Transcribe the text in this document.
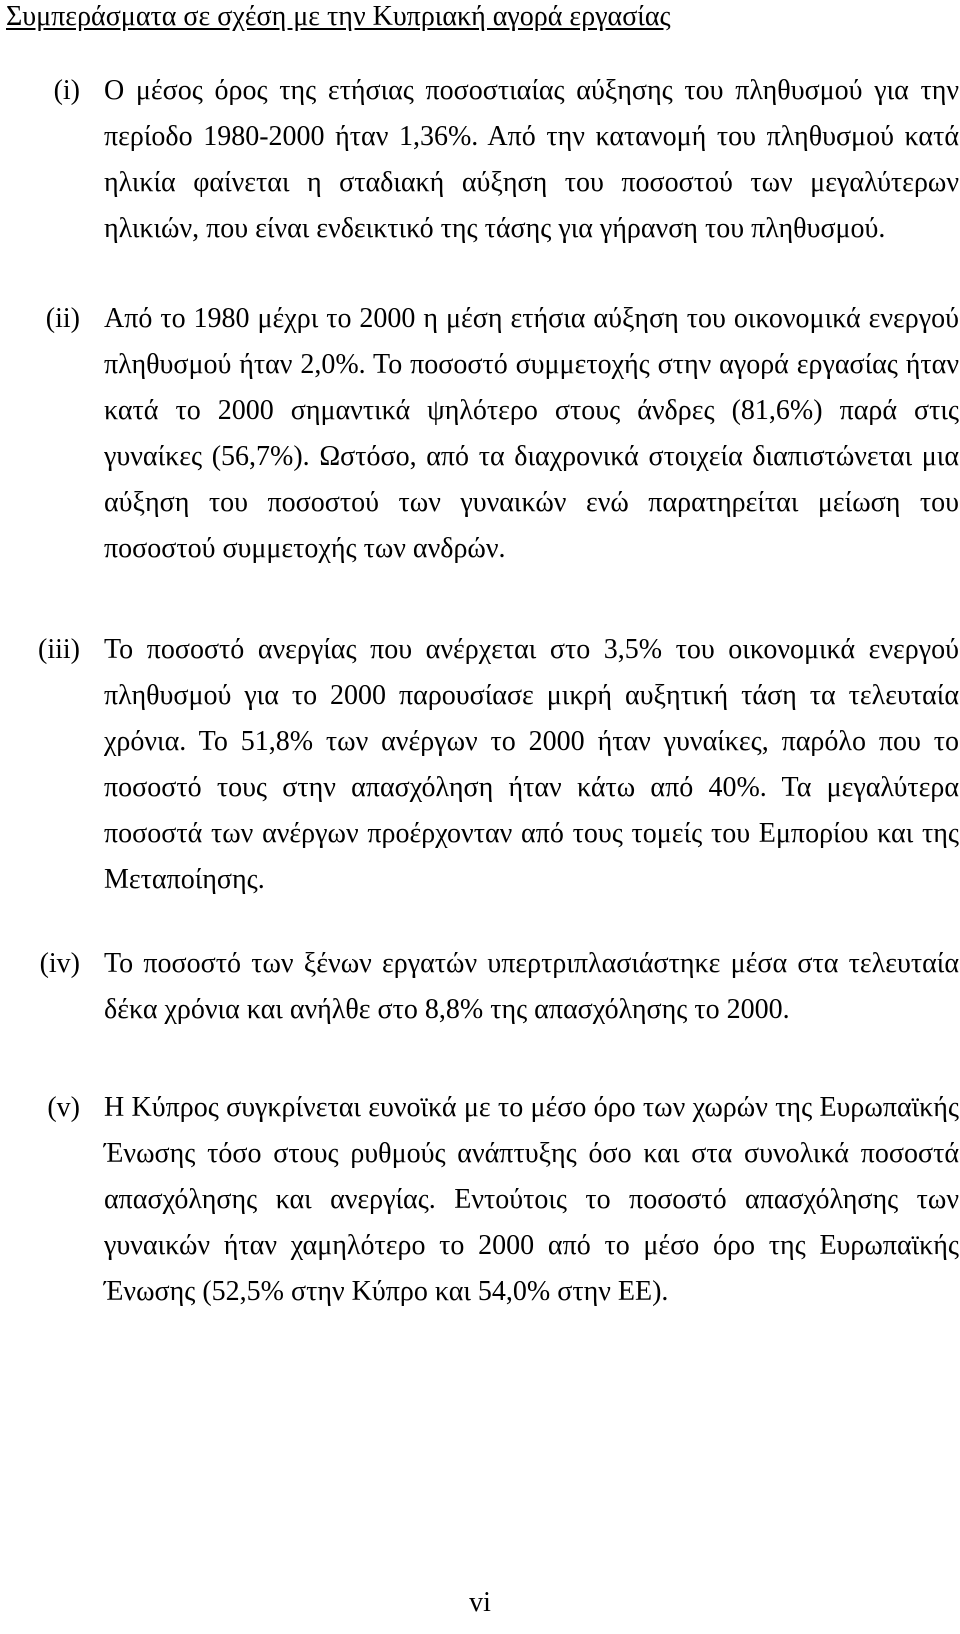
Συμπεράσματα σε σχέση με την Κυπριακή αγορά εργασίας
(i) Ο μέσος όρος της ετήσιας ποσοστιαίας αύξησης του πληθυσμού για την περίοδο 1980-2000 ήταν 1,36%. Από την κατανομή του πληθυσμού κατά ηλικία φαίνεται η σταδιακή αύξηση του ποσοστού των μεγαλύτερων ηλικιών, που είναι ενδεικτικό της τάσης για γήρανση του πληθυσμού.
(ii) Από το 1980 μέχρι το 2000 η μέση ετήσια αύξηση του οικονομικά ενεργού πληθυσμού ήταν 2,0%. Το ποσοστό συμμετοχής στην αγορά εργασίας ήταν κατά το 2000 σημαντικά ψηλότερο στους άνδρες (81,6%) παρά στις γυναίκες (56,7%). Ωστόσο, από τα διαχρονικά στοιχεία διαπιστώνεται μια αύξηση του ποσοστού των γυναικών ενώ παρατηρείται μείωση του ποσοστού συμμετοχής των ανδρών.
(iii) Το ποσοστό ανεργίας που ανέρχεται στο 3,5% του οικονομικά ενεργού πληθυσμού για το 2000 παρουσίασε μικρή αυξητική τάση τα τελευταία χρόνια. Το 51,8% των ανέργων το 2000 ήταν γυναίκες, παρόλο που το ποσοστό τους στην απασχόληση ήταν κάτω από 40%. Τα μεγαλύτερα ποσοστά των ανέργων προέρχονταν από τους τομείς του Εμπορίου και της Μεταποίησης.
(iv) Το ποσοστό των ξένων εργατών υπερτριπλασιάστηκε μέσα στα τελευταία δέκα χρόνια και ανήλθε στο 8,8% της απασχόλησης το 2000.
(v) Η Κύπρος συγκρίνεται ευνοϊκά με το μέσο όρο των χωρών της Ευρωπαϊκής Ένωσης τόσο στους ρυθμούς ανάπτυξης όσο και στα συνολικά ποσοστά απασχόλησης και ανεργίας. Εντούτοις το ποσοστό απασχόλησης των γυναικών ήταν χαμηλότερο το 2000 από το μέσο όρο της Ευρωπαϊκής Ένωσης (52,5% στην Κύπρο και 54,0% στην ΕΕ).
vi
